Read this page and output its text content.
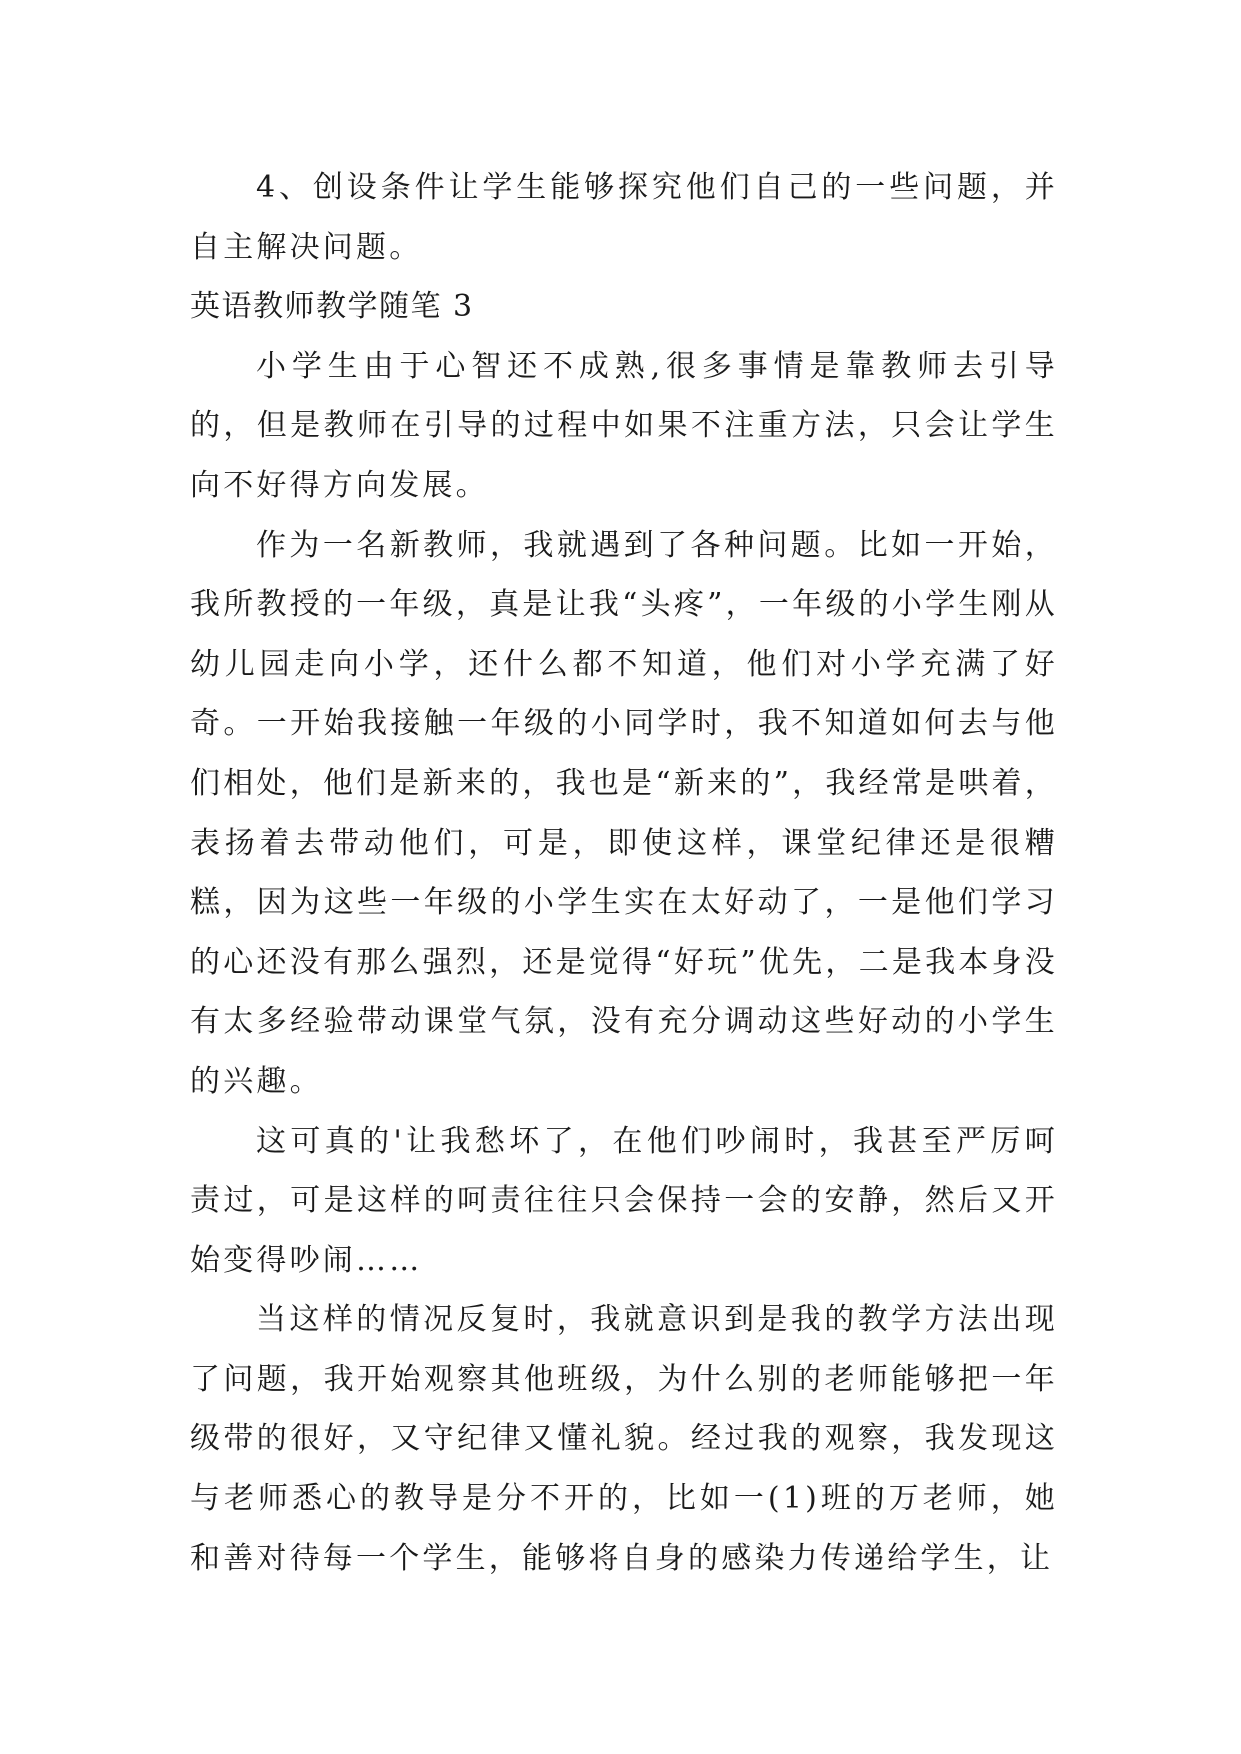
4、创设条件让学生能够探究他们自己的一些问题，并自主解决问题。

英语教师教学随笔 3

小学生由于心智还不成熟,很多事情是靠教师去引导的，但是教师在引导的过程中如果不注重方法，只会让学生向不好得方向发展。

作为一名新教师，我就遇到了各种问题。比如一开始，我所教授的一年级，真是让我“头疼”，一年级的小学生刚从幼儿园走向小学，还什么都不知道，他们对小学充满了好奇。一开始我接触一年级的小同学时，我不知道如何去与他们相处，他们是新来的，我也是“新来的”，我经常是哄着，表扬着去带动他们，可是，即使这样，课堂纪律还是很糟糕，因为这些一年级的小学生实在太好动了，一是他们学习的心还没有那么强烈，还是觉得“好玩”优先，二是我本身没有太多经验带动课堂气氛，没有充分调动这些好动的小学生的兴趣。

这可真的'让我愁坏了，在他们吵闹时，我甚至严厉呵责过，可是这样的呵责往往只会保持一会的安静，然后又开始变得吵闹……

当这样的情况反复时，我就意识到是我的教学方法出现了问题，我开始观察其他班级，为什么别的老师能够把一年级带的很好，又守纪律又懂礼貌。经过我的观察，我发现这与老师悉心的教导是分不开的，比如一(1)班的万老师，她和善对待每一个学生，能够将自身的感染力传递给学生，让
